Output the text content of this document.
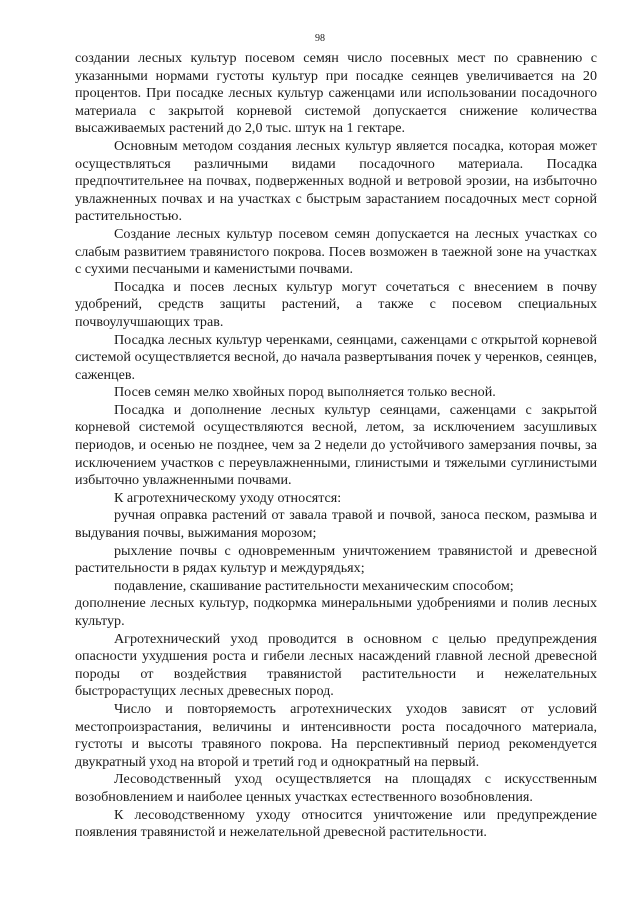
98

создании лесных культур посевом семян число посевных мест по сравнению с указанными нормами густоты культур при посадке сеянцев увеличивается на 20 процентов. При посадке лесных культур саженцами или использовании посадочного материала с закрытой корневой системой допускается снижение количества высаживаемых растений до 2,0 тыс. штук на 1 гектаре.

Основным методом создания лесных культур является посадка, которая может осуществляться различными видами посадочного материала. Посадка предпочтительнее на почвах, подверженных водной и ветровой эрозии, на избыточно увлажненных почвах и на участках с быстрым зарастанием посадочных мест сорной растительностью.

Создание лесных культур посевом семян допускается на лесных участках со слабым развитием травянистого покрова. Посев возможен в таежной зоне на участках с сухими песчаными и каменистыми почвами.

Посадка и посев лесных культур могут сочетаться с внесением в почву удобрений, средств защиты растений, а также с посевом специальных почвоулучшающих трав.

Посадка лесных культур черенками, сеянцами, саженцами с открытой корневой системой осуществляется весной, до начала развертывания почек у черенков, сеянцев, саженцев.

Посев семян мелко хвойных пород выполняется только весной.

Посадка и дополнение лесных культур сеянцами, саженцами с закрытой корневой системой осуществляются весной, летом, за исключением засушливых периодов, и осенью не позднее, чем за 2 недели до устойчивого замерзания почвы, за исключением участков с переувлажненными, глинистыми и тяжелыми суглинистыми избыточно увлажненными почвами.

К агротехническому уходу относятся:

ручная оправка растений от завала травой и почвой, заноса песком, размыва и выдувания почвы, выжимания морозом;

рыхление почвы с одновременным уничтожением травянистой и древесной растительности в рядах культур и междурядьях;

подавление, скашивание растительности механическим способом;

дополнение лесных культур, подкормка минеральными удобрениями и полив лесных культур.

Агротехнический уход проводится в основном с целью предупреждения опасности ухудшения роста и гибели лесных насаждений главной лесной древесной породы от воздействия травянистой растительности и нежелательных быстрорастущих лесных древесных пород.

Число и повторяемость агротехнических уходов зависят от условий местопроизрастания, величины и интенсивности роста посадочного материала, густоты и высоты травяного покрова. На перспективный период рекомендуется двукратный уход на второй и третий год и однократный на первый.

Лесоводственный уход осуществляется на площадях с искусственным возобновлением и наиболее ценных участках естественного возобновления.

К лесоводственному уходу относится уничтожение или предупреждение появления травянистой и нежелательной древесной растительности.
